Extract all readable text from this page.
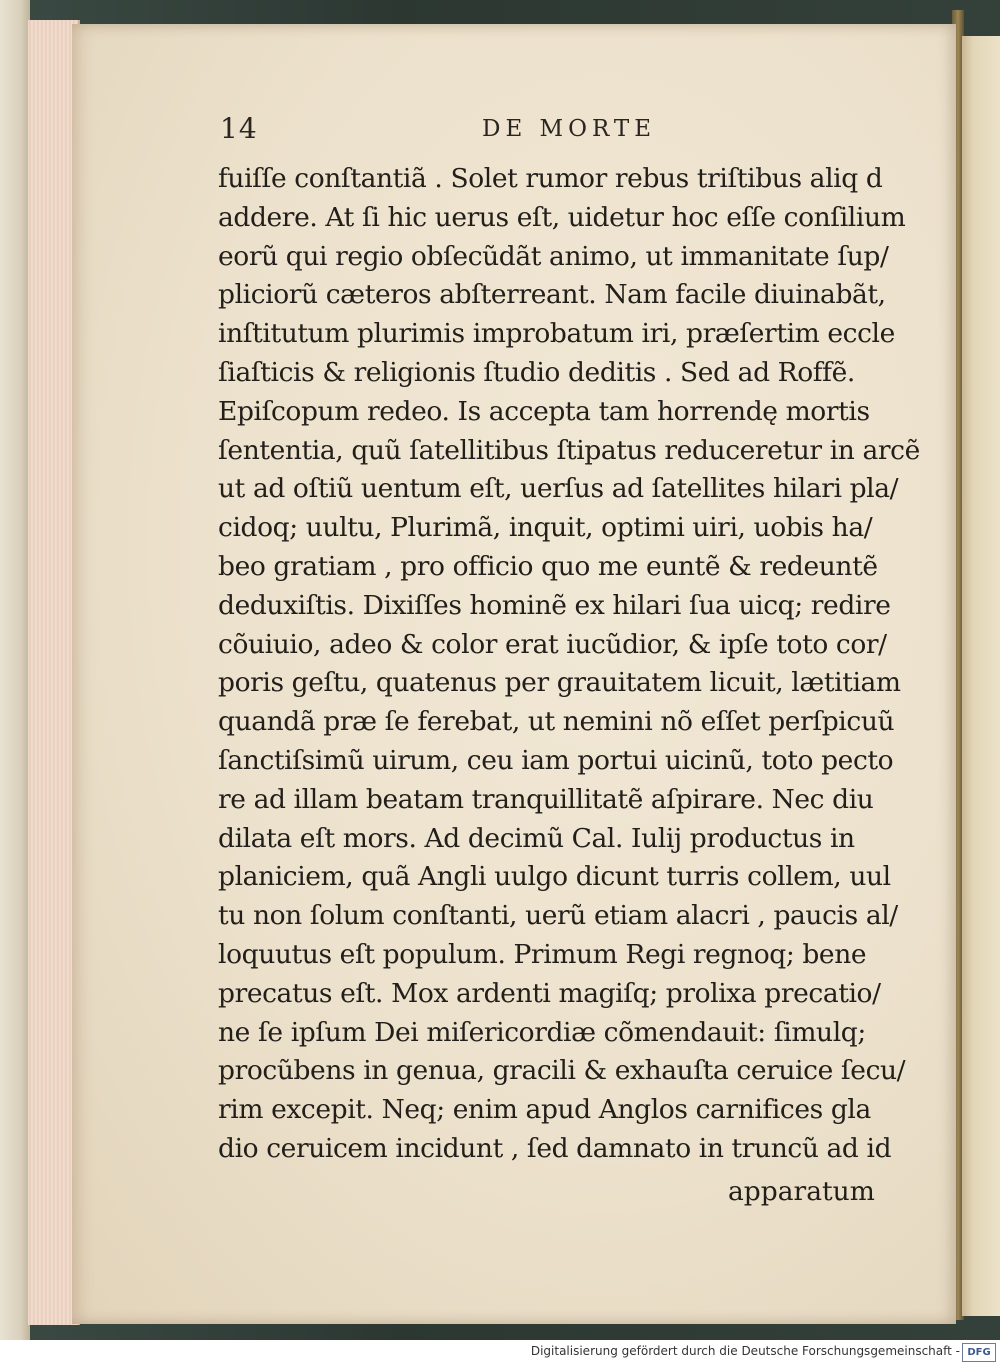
14	DE MORTE
fuiſſe conſtantiã . Solet rumor rebus triſtibus aliq d
addere. At ſi hic uerus eſt, uidetur hoc eſſe conſilium
eorũ qui regio obſecũdãt animo, ut immanitate ſup/
pliciorũ cæteros abſterreant. Nam facile diuinabãt,
inſtitutum plurimis improbatum iri, præſertim eccle
ſiaſticis & religionis ſtudio deditis . Sed ad Roffẽ.
Epiſcopum redeo. Is accepta tam horrendę mortis
ſententia, quũ ſatellitibus ſtipatus reduceretur in arcẽ
ut ad oſtiũ uentum eſt, uerſus ad ſatellites hilari pla/
cidoq; uultu, Plurimã, inquit, optimi uiri, uobis ha/
beo gratiam , pro officio quo me euntẽ & redeuntẽ
deduxiſtis. Dixiſſes hominẽ ex hilari ſua uicq; redire
cõuiuio, adeo & color erat iucũdior, & ipſe toto cor/
poris geſtu, quatenus per grauitatem licuit, lætitiam
quandã præ ſe ferebat, ut nemini nõ eſſet perſpicuũ
ſanctiſsimũ uirum, ceu iam portui uicinũ, toto pecto
re ad illam beatam tranquillitatẽ aſpirare. Nec diu
dilata eſt mors. Ad decimũ Cal. Iulij productus in
planiciem, quã Angli uulgo dicunt turris collem, uul
tu non ſolum conſtanti, uerũ etiam alacri , paucis al/
loquutus eſt populum. Primum Regi regnoq; bene
precatus eſt. Mox ardenti magiſq; prolixa precatio/
ne ſe ipſum Dei miſericordiæ cõmendauit: ſimulq;
procũbens in genua, gracili & exhauſta ceruice ſecu/
rim excepit. Neq; enim apud Anglos carnifices gla
dio ceruicem incidunt , ſed damnato in truncũ ad id
apparatum
Digitalisierung gefördert durch die Deutsche Forschungsgemeinschaft - DFG
